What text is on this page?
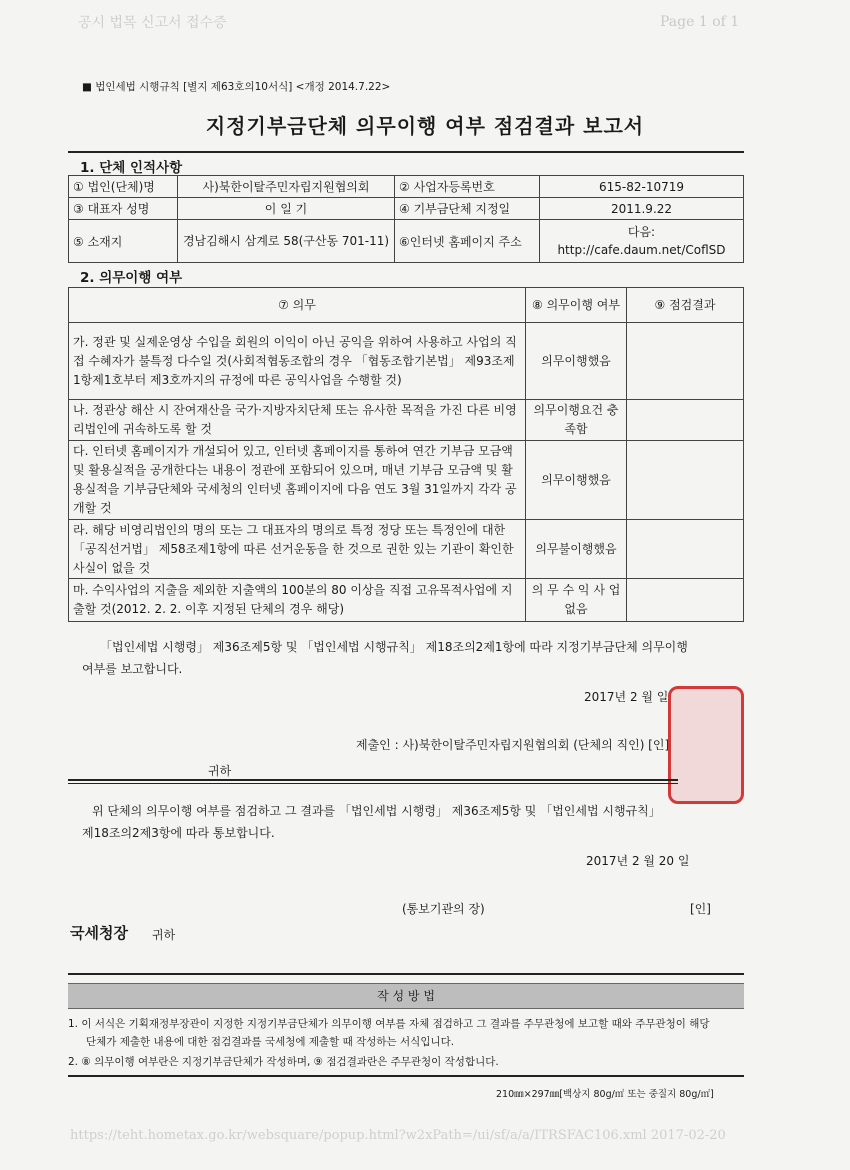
공시 법목 신고서 접수증	Page 1 of 1
■ 법인세법 시행규칙 [별지 제63호의10서식] <개정 2014.7.22>
지정기부금단체 의무이행 여부 점검결과 보고서
1. 단체 인적사항
① 법인(단체)명	사)북한이탈주민자립지원협의회	② 사업자등록번호	615-82-10719
③ 대표자 성명	이 일 기	④ 기부금단체 지정일	2011.9.22
⑤ 소재지	경남김해시 삼계로 58(구산동 701-11)	⑥인터넷 홈페이지 주소	다음:
http://cafe.daum.net/CoflSD
2. 의무이행 여부
⑦ 의무	⑧ 의무이행 여부	⑨ 점검결과
가. 정관 및 실제운영상 수입을 회원의 이익이 아닌 공익을 위하여 사용하고 사업의 직접 수혜자가 불특정 다수일 것(사회적협동조합의 경우 「협동조합기본법」 제93조제1항제1호부터 제3호까지의 규정에 따른 공익사업을 수행할 것)	의무이행했음	
나. 정관상 해산 시 잔여재산을 국가·지방자치단체 또는 유사한 목적을 가진 다른 비영리법인에 귀속하도록 할 것	의무이행요건 충족함	
다. 인터넷 홈페이지가 개설되어 있고, 인터넷 홈페이지를 통하여 연간 기부금 모금액 및 활용실적을 공개한다는 내용이 정관에 포함되어 있으며, 매년 기부금 모금액 및 활용실적을 기부금단체와 국세청의 인터넷 홈페이지에 다음 연도 3월 31일까지 각각 공개할 것	의무이행했음	
라. 해당 비영리법인의 명의 또는 그 대표자의 명의로 특정 정당 또는 특정인에 대한 「공직선거법」 제58조제1항에 따른 선거운동을 한 것으로 권한 있는 기관이 확인한 사실이 없을 것	의무불이행했음	
마. 수익사업의 지출을 제외한 지출액의 100분의 80 이상을 직접 고유목적사업에 지출할 것(2012. 2. 2. 이후 지정된 단체의 경우 해당)	의 무 수 익 사 업 없음	
「법인세법 시행령」 제36조제5항 및 「법인세법 시행규칙」 제18조의2제1항에 따라 지정기부금단체 의무이행
여부를 보고합니다.
2017년 2 월 일
제출인 : 사)북한이탈주민자립지원협의회 (단체의 직인) [인]
귀하
위 단체의 의무이행 여부를 점검하고 그 결과를 「법인세법 시행령」 제36조제5항 및 「법인세법 시행규칙」
제18조의2제3항에 따라 통보합니다.
2017년 2 월 20 일
(통보기관의 장)	[인]
국세청장 귀하
작 성 방 법
1. 이 서식은 기획재정부장관이 지정한 지정기부금단체가 의무이행 여부를 자체 점검하고 그 결과를 주무관청에 보고할 때와 주무관청이 해당
단체가 제출한 내용에 대한 점검결과를 국세청에 제출할 때 작성하는 서식입니다.
2. ⑧ 의무이행 여부란은 지정기부금단체가 작성하며, ⑨ 점검결과란은 주무관청이 작성합니다.
210㎜×297㎜[백상지 80g/㎡ 또는 중질지 80g/㎡]
https://teht.hometax.go.kr/websquare/popup.html?w2xPath=/ui/sf/a/a/ITRSFAC106.xml 2017-02-20
